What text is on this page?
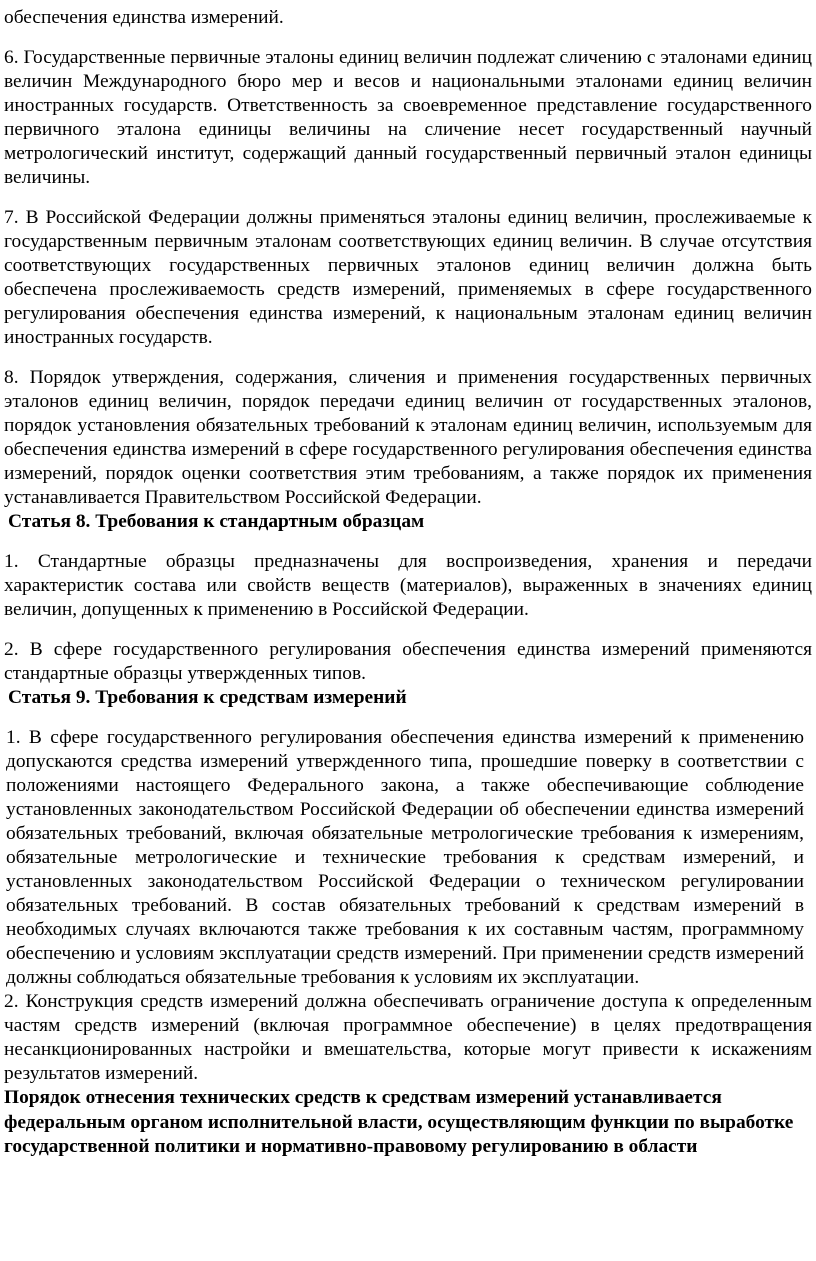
обеспечения единства измерений.

6. Государственные первичные эталоны единиц величин подлежат сличению с эталонами единиц величин Международного бюро мер и весов и национальными эталонами единиц величин иностранных государств. Ответственность за своевременное представление государственного первичного эталона единицы величины на сличение несет государственный научный метрологический институт, содержащий данный государственный первичный эталон единицы величины.

7. В Российской Федерации должны применяться эталоны единиц величин, прослеживаемые к государственным первичным эталонам соответствующих единиц величин. В случае отсутствия соответствующих государственных первичных эталонов единиц величин должна быть обеспечена прослеживаемость средств измерений, применяемых в сфере государственного регулирования обеспечения единства измерений, к национальным эталонам единиц величин иностранных государств.

8. Порядок утверждения, содержания, сличения и применения государственных первичных эталонов единиц величин, порядок передачи единиц величин от государственных эталонов, порядок установления обязательных требований к эталонам единиц величин, используемым для обеспечения единства измерений в сфере государственного регулирования обеспечения единства измерений, порядок оценки соответствия этим требованиям, а также порядок их применения устанавливается Правительством Российской Федерации.

Статья 8. Требования к стандартным образцам

1. Стандартные образцы предназначены для воспроизведения, хранения и передачи характеристик состава или свойств веществ (материалов), выраженных в значениях единиц величин, допущенных к применению в Российской Федерации.

2. В сфере государственного регулирования обеспечения единства измерений применяются стандартные образцы утвержденных типов.

Статья 9. Требования к средствам измерений

1. В сфере государственного регулирования обеспечения единства измерений к применению допускаются средства измерений утвержденного типа, прошедшие поверку в соответствии с положениями настоящего Федерального закона, а также обеспечивающие соблюдение установленных законодательством Российской Федерации об обеспечении единства измерений обязательных требований, включая обязательные метрологические требования к измерениям, обязательные метрологические и технические требования к средствам измерений, и установленных законодательством Российской Федерации о техническом регулировании обязательных требований. В состав обязательных требований к средствам измерений в необходимых случаях включаются также требования к их составным частям, программному обеспечению и условиям эксплуатации средств измерений. При применении средств измерений должны соблюдаться обязательные требования к условиям их эксплуатации.

2. Конструкция средств измерений должна обеспечивать ограничение доступа к определенным частям средств измерений (включая программное обеспечение) в целях предотвращения несанкционированных настройки и вмешательства, которые могут привести к искажениям результатов измерений.

Порядок отнесения технических средств к средствам измерений устанавливается федеральным органом исполнительной власти, осуществляющим функции по выработке государственной политики и нормативно-правовому регулированию в области
